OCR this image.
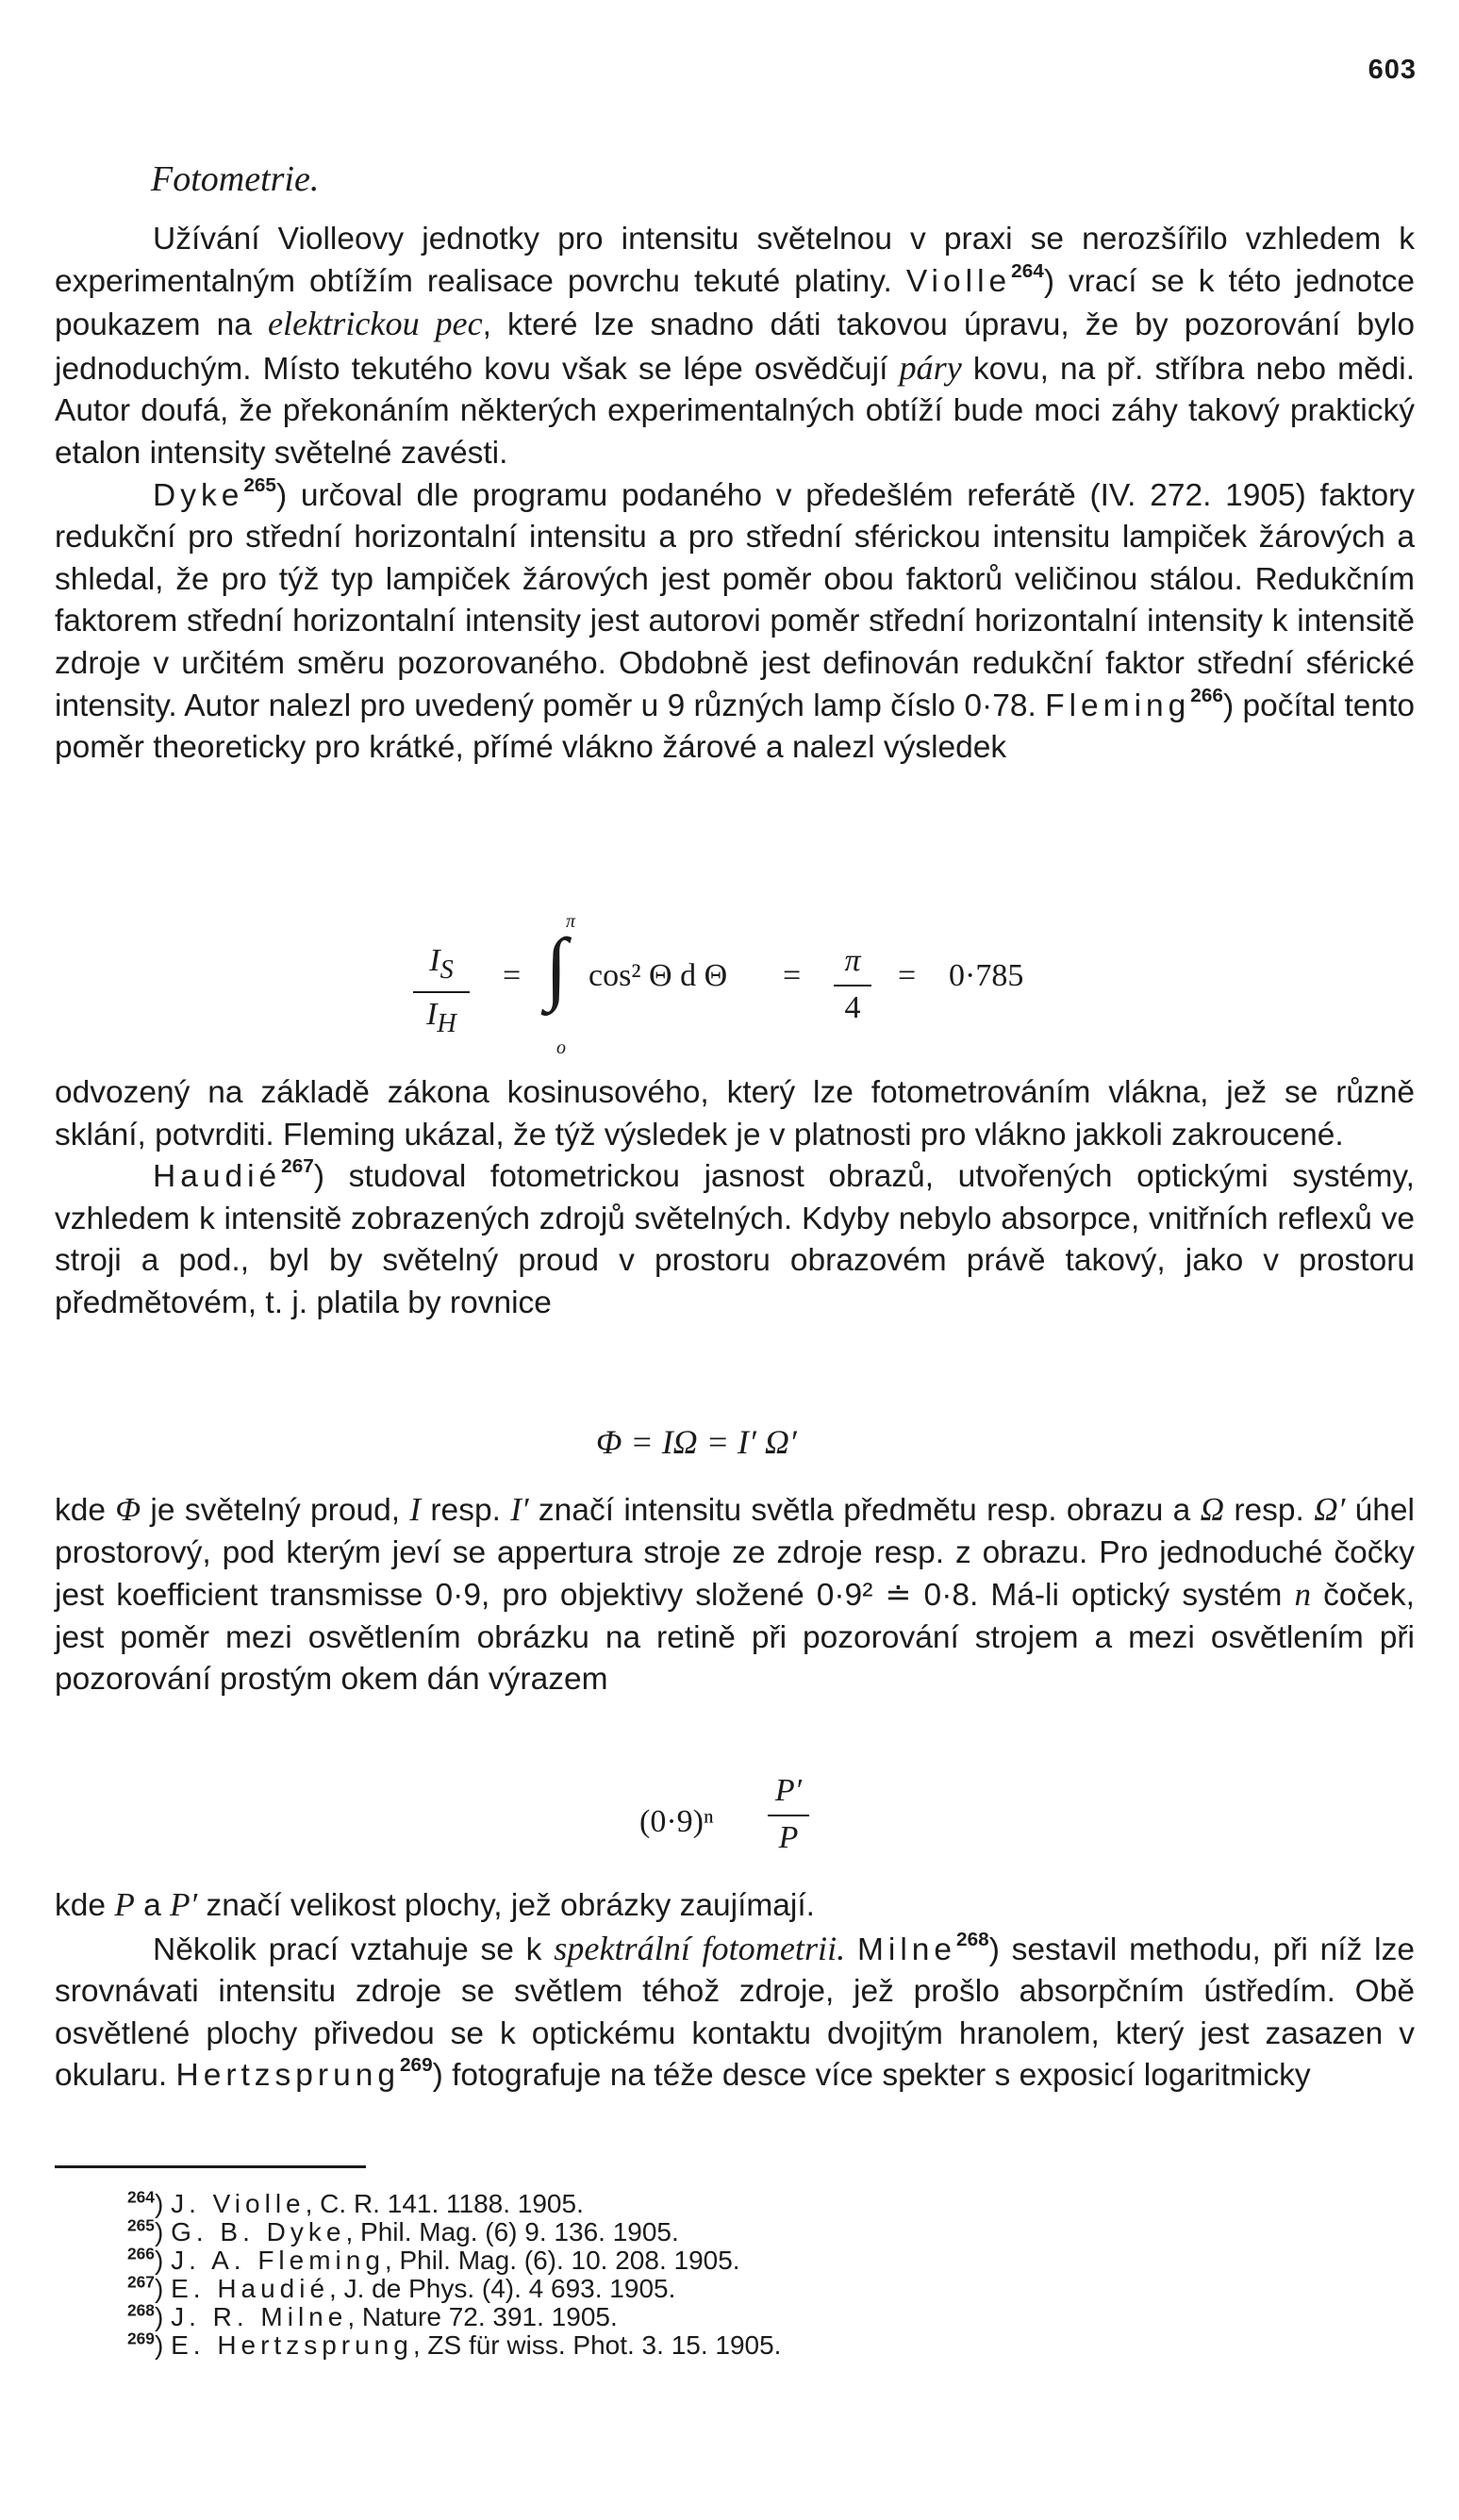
603
Fotometrie.

Užívání Violleovy jednotky pro intensitu světelnou v praxi se nerozšířilo vzhledem k experimentalným obtížím realisace povrchu tekuté platiny. Violle$^{264}$) vrací se k této jednotce poukazem na elektrickou pec, které lze snadno dáti takovou úpravu, že by pozorování bylo jednoduchým. Místo tekutého kovu však se lépe osvědčují páry kovu, na př. stříbra nebo mědi. Autor doufá, že překonáním některých experimentalných obtíží bude moci záhy takový praktický etalon intensity světelné zavésti.

Dyke$^{265}$) určoval dle programu podaného v předešlém referátě (IV. 272. 1905) faktory redukční pro střední horizontalní intensitu a pro střední sférickou intensitu lampiček žárových a shledal, že pro týž typ lampiček žárových jest poměr obou faktorů veličinou stálou. Redukčním faktorem střední horizontalní intensity jest autorovi poměr střední horizontalní intensity k intensitě zdroje v určitém směru pozorovaného. Obdobně jest definován redukční faktor střední sférické intensity. Autor nalezl pro uvedený poměr u 9 různých lamp číslo 0·78. Fleming$^{266}$) počítal tento poměr theoreticky pro krátké, přímé vlákno žárové a nalezl výsledek

$I_S$
$I_H$
= ∫
π
o
cos² Θ d Θ =	π
4
= 0·785

odvozený na základě zákona kosinusového, který lze fotometrováním vlákna, jež se různě sklání, potvrditi. Fleming ukázal, že týž výsledek je v platnosti pro vlákno jakkoli zakroucené.

Haudié$^{267}$) studoval fotometrickou jasnost obrazů, utvořených optickými systémy, vzhledem k intensitě zobrazených zdrojů světelných. Kdyby nebylo absorpce, vnitřních reflexů ve stroji a pod., byl by světelný proud v prostoru obrazovém právě takový, jako v prostoru předmětovém, t. j. platila by rovnice

Φ = IΩ = I′ Ω′

kde Φ je světelný proud, I resp. I′ značí intensitu světla předmětu resp. obrazu a Ω resp. Ω′ úhel prostorový, pod kterým jeví se appertura stroje ze zdroje resp. z obrazu. Pro jednoduché čočky jest koefficient transmisse 0·9, pro objektivy složené 0·9² ≐ 0·8. Má-li optický systém n čoček, jest poměr mezi osvětlením obrázku na retině při pozorování strojem a mezi osvětlením při pozorování prostým okem dán výrazem

(0·9)ⁿ
P′
P

kde P a P′ značí velikost plochy, jež obrázky zaujímají.

Několik prací vztahuje se k spektrální fotometrii. Milne$^{268}$) sestavil methodu, při níž lze srovnávati intensitu zdroje se světlem téhož zdroje, jež prošlo absorpčním ústředím. Obě osvětlené plochy přivedou se k optickému kontaktu dvojitým hranolem, který jest zasazen v okularu. Hertzsprung$^{269}$) fotografuje na téže desce více spekter s exposicí logaritmicky

$^{264}$) J. Violle, C. R. 141. 1188. 1905.
$^{265}$) G. B. Dyke, Phil. Mag. (6) 9. 136. 1905.
$^{266}$) J. A. Fleming, Phil. Mag. (6). 10. 208. 1905.
$^{267}$) E. Haudié, J. de Phys. (4). 4 693. 1905.
$^{268}$) J. R. Milne, Nature 72. 391. 1905.
$^{269}$) E. Hertzsprung, ZS für wiss. Phot. 3. 15. 1905.
